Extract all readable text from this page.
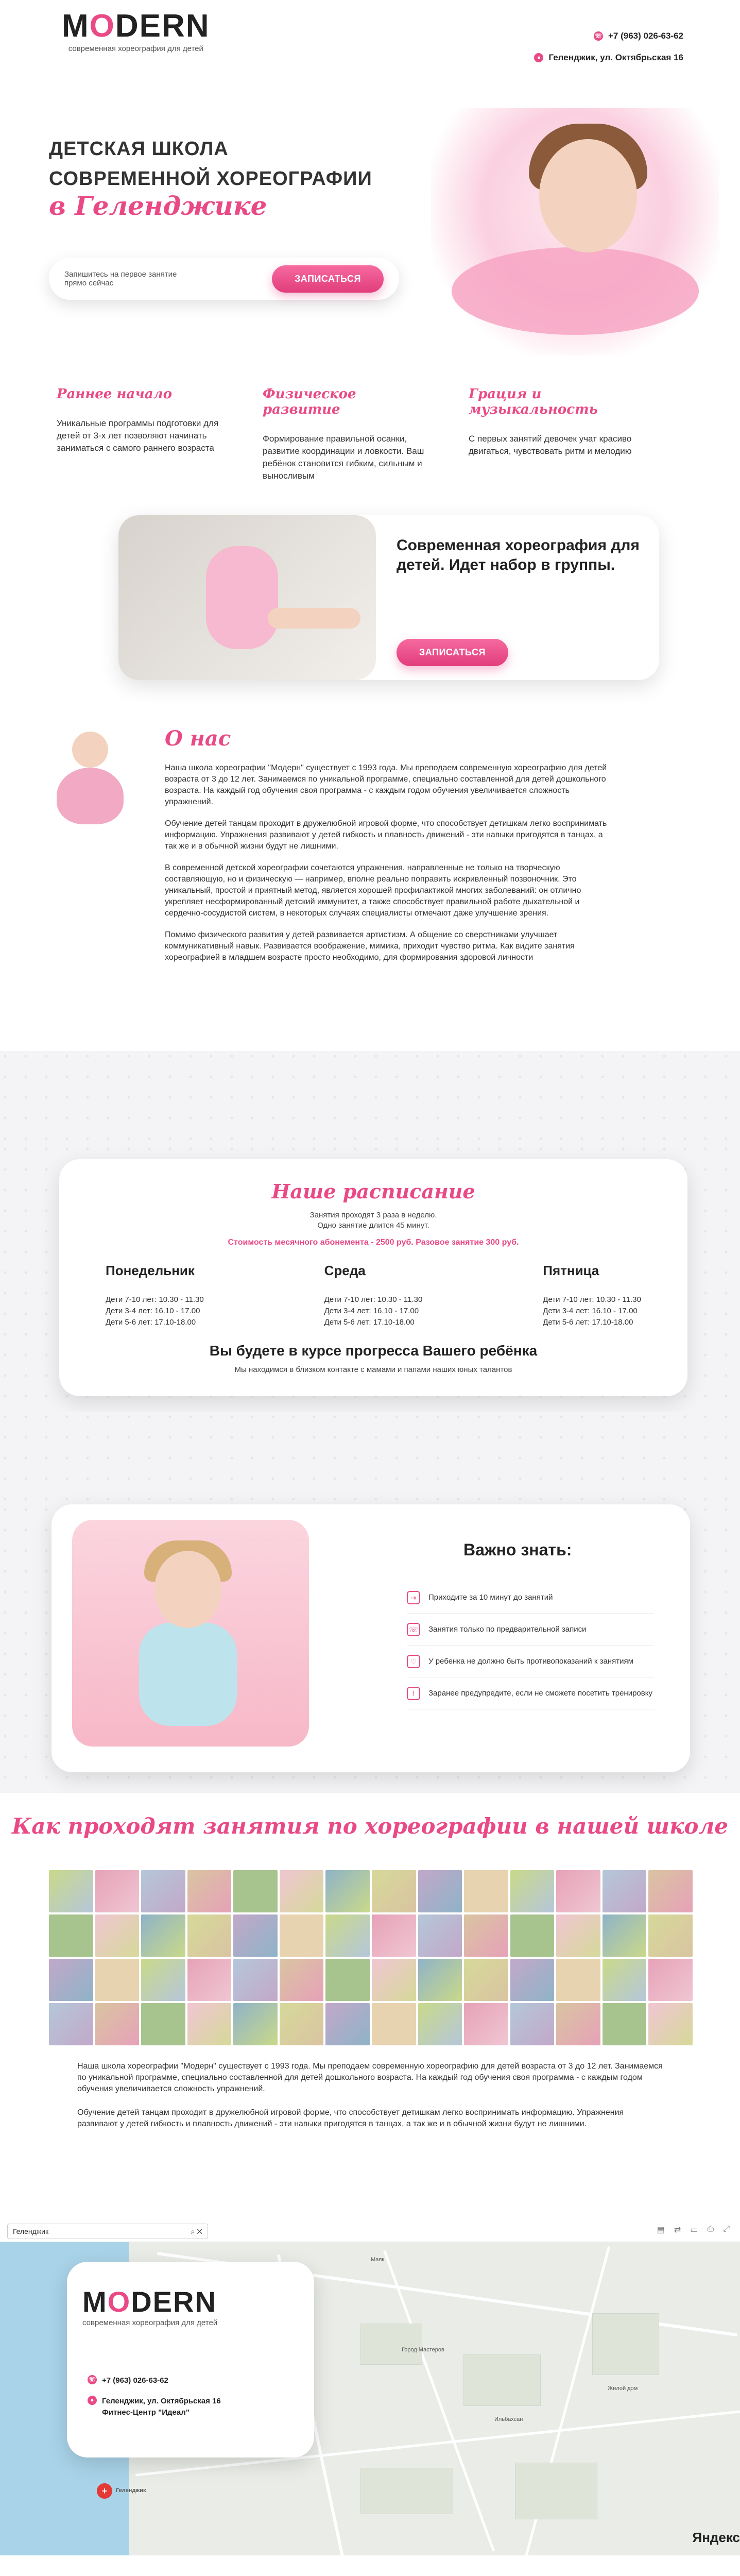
MODERN
современная хореография для детей
☏ +7 (963) 026-63-62
● Геленджик, ул. Октябрьская 16
ДЕТСКАЯ ШКОЛА
СОВРЕМЕННОЙ ХОРЕОГРАФИИ
в Геленджике
Запишитесь на первое занятие прямо сейчас	ЗАПИСАТЬСЯ
Раннее начало

Уникальные программы подготовки для детей от 3-х лет позволяют начинать заниматься с самого раннего возраста

Физическое развитие

Формирование правильной осанки, развитие координации и ловкости. Ваш ребёнок становится гибким, сильным и выносливым

Грация и музыкальность

С первых занятий девочек учат красиво двигаться, чувствовать ритм и мелодию

Современная хореография для детей. Идет набор в группы.
ЗАПИСАТЬСЯ
О нас

Наша школа хореографии "Модерн" существует с 1993 года. Мы преподаем современную хореографию для детей возраста от 3 до 12 лет. Занимаемся по уникальной программе, специально составленной для детей дошкольного возраста. На каждый год обучения своя программа - с каждым годом обучения увеличивается сложность упражнений.

Обучение детей танцам проходит в дружелюбной игровой форме, что способствует детишкам легко воспринимать информацию. Упражнения развивают у детей гибкость и плавность движений - эти навыки пригодятся в танцах, а так же и в обычной жизни будут не лишними.

В современной детской хореографии сочетаются упражнения, направленные не только на творческую составляющую, но и физическую — например, вполне реально поправить искривленный позвоночник. Это уникальный, простой и приятный метод, является хорошей профилактикой многих заболеваний: он отлично укрепляет несформированный детский иммунитет, а также способствует правильной работе дыхательной и сердечно-сосудистой систем, в некоторых случаях специалисты отмечают даже улучшение зрения.

Помимо физического развития у детей развивается артистизм. А общение со сверстниками улучшает коммуникативный навык. Развивается воображение, мимика, приходит чувство ритма. Как видите занятия хореографией в младшем возрасте просто необходимо, для формирования здоровой личности

Наше расписание
Занятия проходят 3 раза в неделю.
Одно занятие длится 45 минут.
Стоимость месячного абонемента - 2500 руб. Разовое занятие 300 руб.
Понедельник

Дети 7-10 лет: 10.30 - 11.30

Дети 3-4 лет: 16.10 - 17.00

Дети 5-6 лет: 17.10-18.00

Среда

Дети 7-10 лет: 10.30 - 11.30

Дети 3-4 лет: 16.10 - 17.00

Дети 5-6 лет: 17.10-18.00

Пятница

Дети 7-10 лет: 10.30 - 11.30

Дети 3-4 лет: 16.10 - 17.00

Дети 5-6 лет: 17.10-18.00

Вы будете в курсе прогресса Вашего ребёнка
Мы находимся в близком контакте с мамами и папами наших юных талантов
Важно знать:
⇥	Приходите за 10 минут до занятий
☏ Занятия только по предварительной записи
♡	У ребенка не должно быть противопоказаний к занятиям
!	Заранее предупредите, если не сможете посетить тренировку
Как проходят занятия по хореографии в нашей школе

Наша школа хореографии "Модерн" существует с 1993 года. Мы преподаем современную хореографию для детей возраста от 3 до 12 лет. Занимаемся по уникальной программе, специально составленной для детей дошкольного возраста. На каждый год обучения своя программа - с каждым годом обучения увеличивается сложность упражнений.

Обучение детей танцам проходит в дружелюбной игровой форме, что способствует детишкам легко воспринимать информацию. Упражнения развивают у детей гибкость и плавность движений - эти навыки пригодятся в танцах, а так же и в обычной жизни будут не лишними.

Город Мастеров
Ильбахсан
Маяк
Жилой дом
Геленджик	⌕ ✕	▤ ⇄ ▭ ⎙ ⤢
MODERN
современная хореография для детей
☏ +7 (963) 026-63-62
●	Геленджик, ул. Октябрьская 16
Фитнес-Центр "Идеал"
+	Геленджик
Яндекс
